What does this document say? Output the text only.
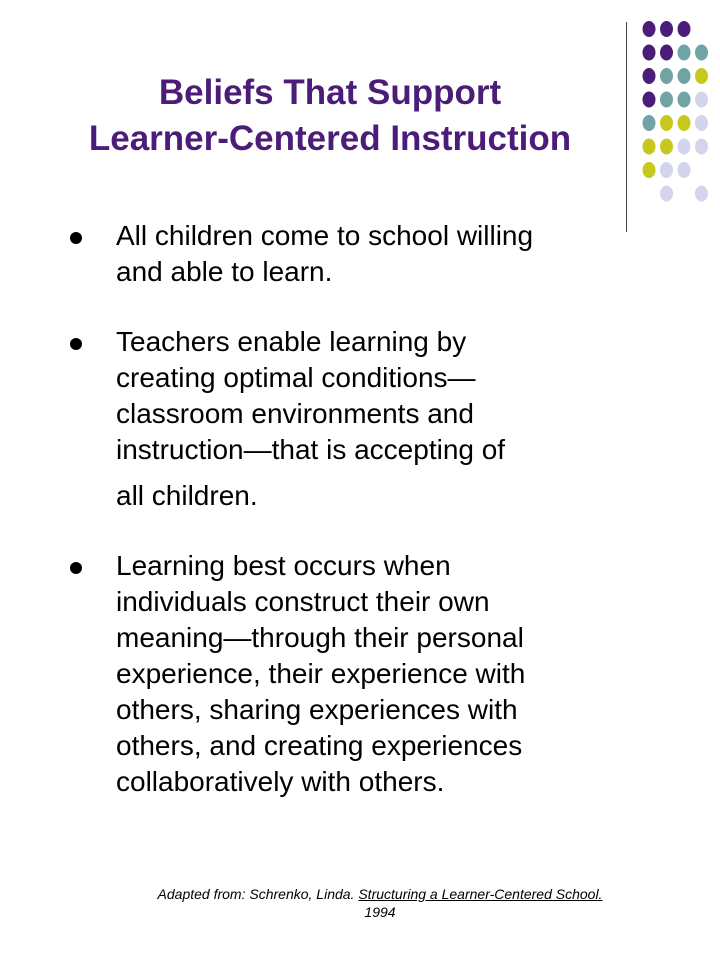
Beliefs That Support
Learner-Centered Instruction
All children come to school willing
and able to learn.
Teachers enable learning by
creating optimal conditions—
classroom environments and
instruction—that is accepting of
all children.
Learning best occurs when
individuals construct their own
meaning—through their personal
experience, their experience with
others, sharing experiences with
others, and creating experiences
collaboratively with others.
Adapted from: Schrenko, Linda. Structuring a Learner-Centered School.
1994
